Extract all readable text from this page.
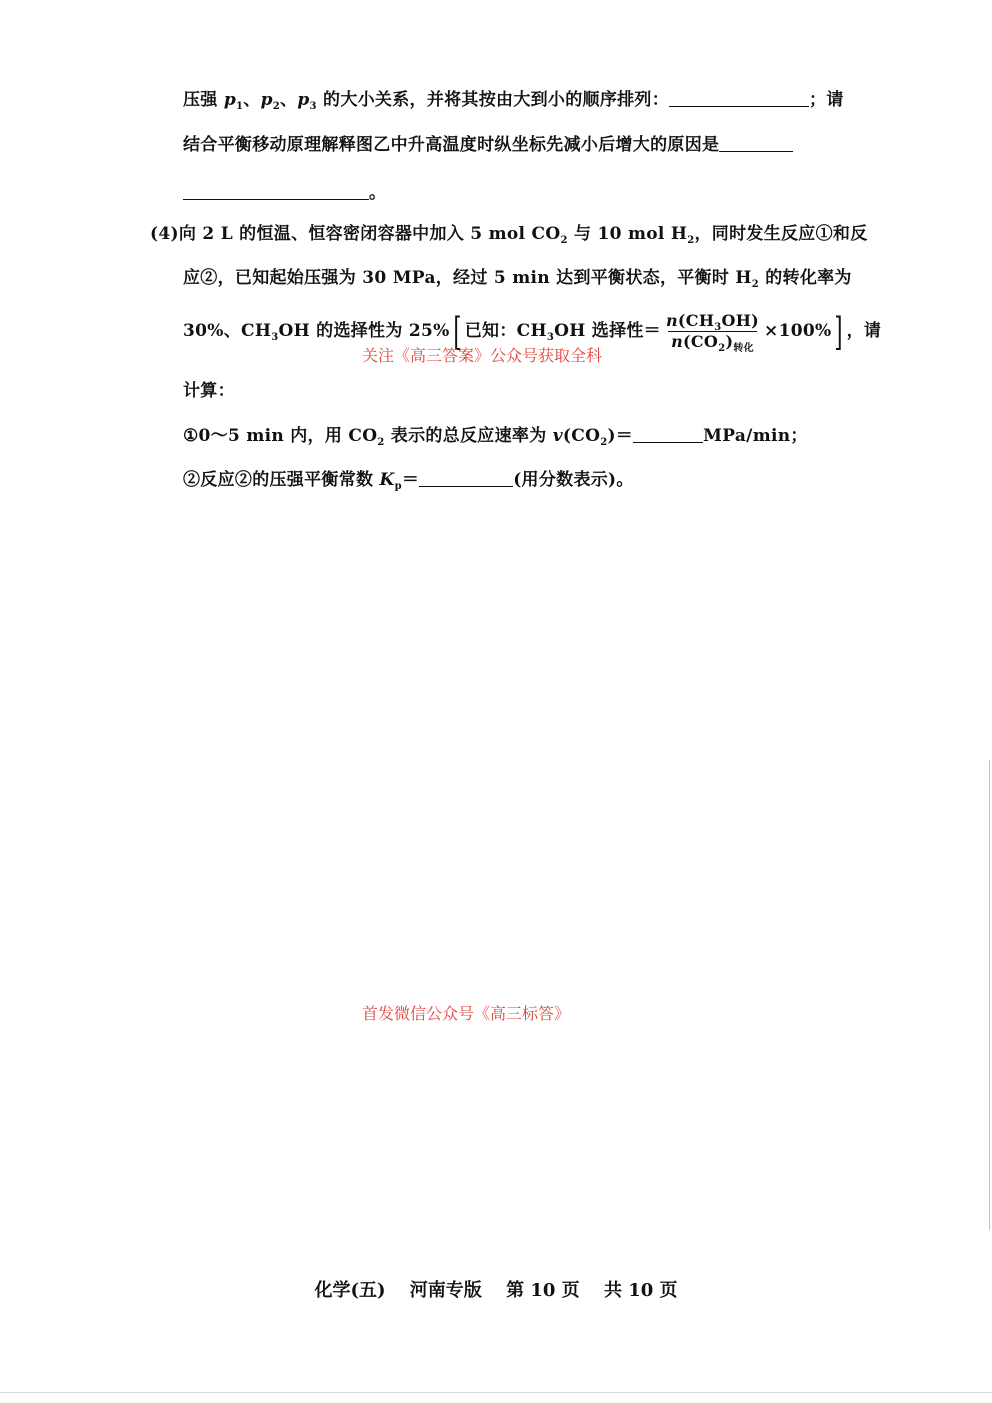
压强 $p_1$、$p_2$、$p_3$ 的大小关系，并将其按由大到小的顺序排列：	；请
结合平衡移动原理解释图乙中升高温度时纵坐标先减小后增大的原因是
。
(4)向 2 L 的恒温、恒容密闭容器中加入 5 mol $CO_2$ 与 10 mol $H_2$，同时发生反应①和反
应②，已知起始压强为 30 MPa，经过 5 min 达到平衡状态，平衡时 $H_2$ 的转化率为
30%、$CH_3OH$ 的选择性为 25%[ 已知：$CH_3OH$ 选择性＝ $\frac{n(CH_3OH)}{n(CO_2)_{转化}} \times 100\%$] ，请
关注《高三答案》公众号获取全科
计算：
①0～5 min 内，用 $CO_2$ 表示的总反应速率为 $v(CO_2)=$	MPa/min；
②反应②的压强平衡常数 $K_p=$	(用分数表示)。
首发微信公众号《高三标答》
化学(五) 河南专版 第 10 页 共 10 页
